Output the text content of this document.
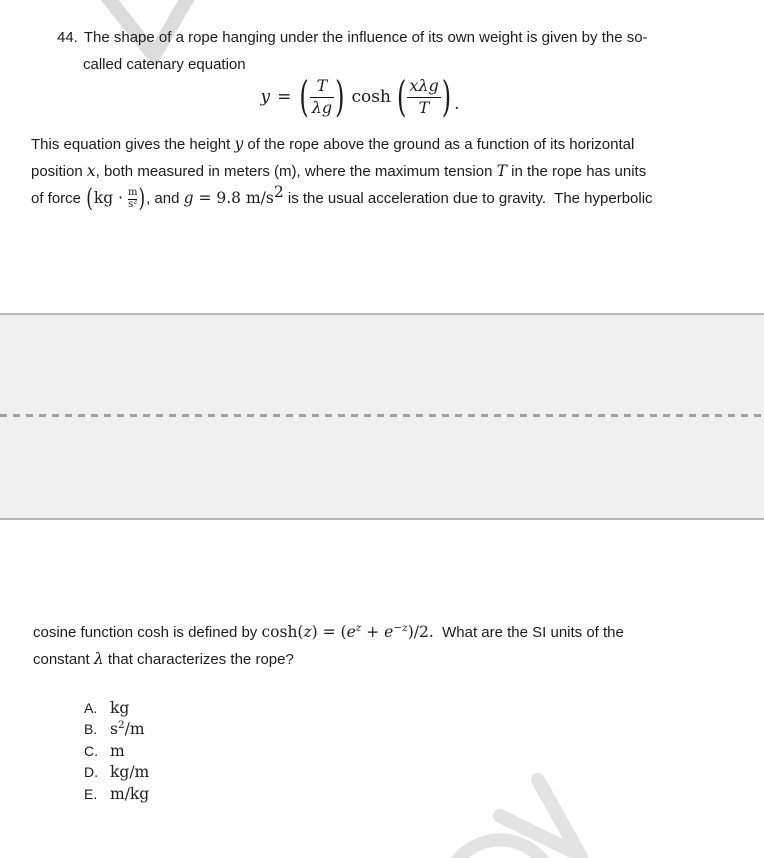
44. The shape of a rope hanging under the influence of its own weight is given by the so-
called catenary equation
y = ( $\frac{T}{\lambda g}$ ) cosh ( $\frac{\text{xλg}}{T}$ ) .
This equation gives the height y of the rope above the ground as a function of its horizontal
position x, both measured in meters (m), where the maximum tension T in the rope has units
of force ($kg \cdot \frac{m}{\text{s²}}$ ), and g = 9.8 $m/s^2$ is the usual acceleration due to gravity.  The hyperbolic
cosine function cosh is defined by $\cosh(z) = (e^z + e^{-z})/2$.  What are the SI units of the
constant λ that characterizes the rope?
A. kg
B. $s^2/m$
C. m
D. kg/m
E. m/kg
